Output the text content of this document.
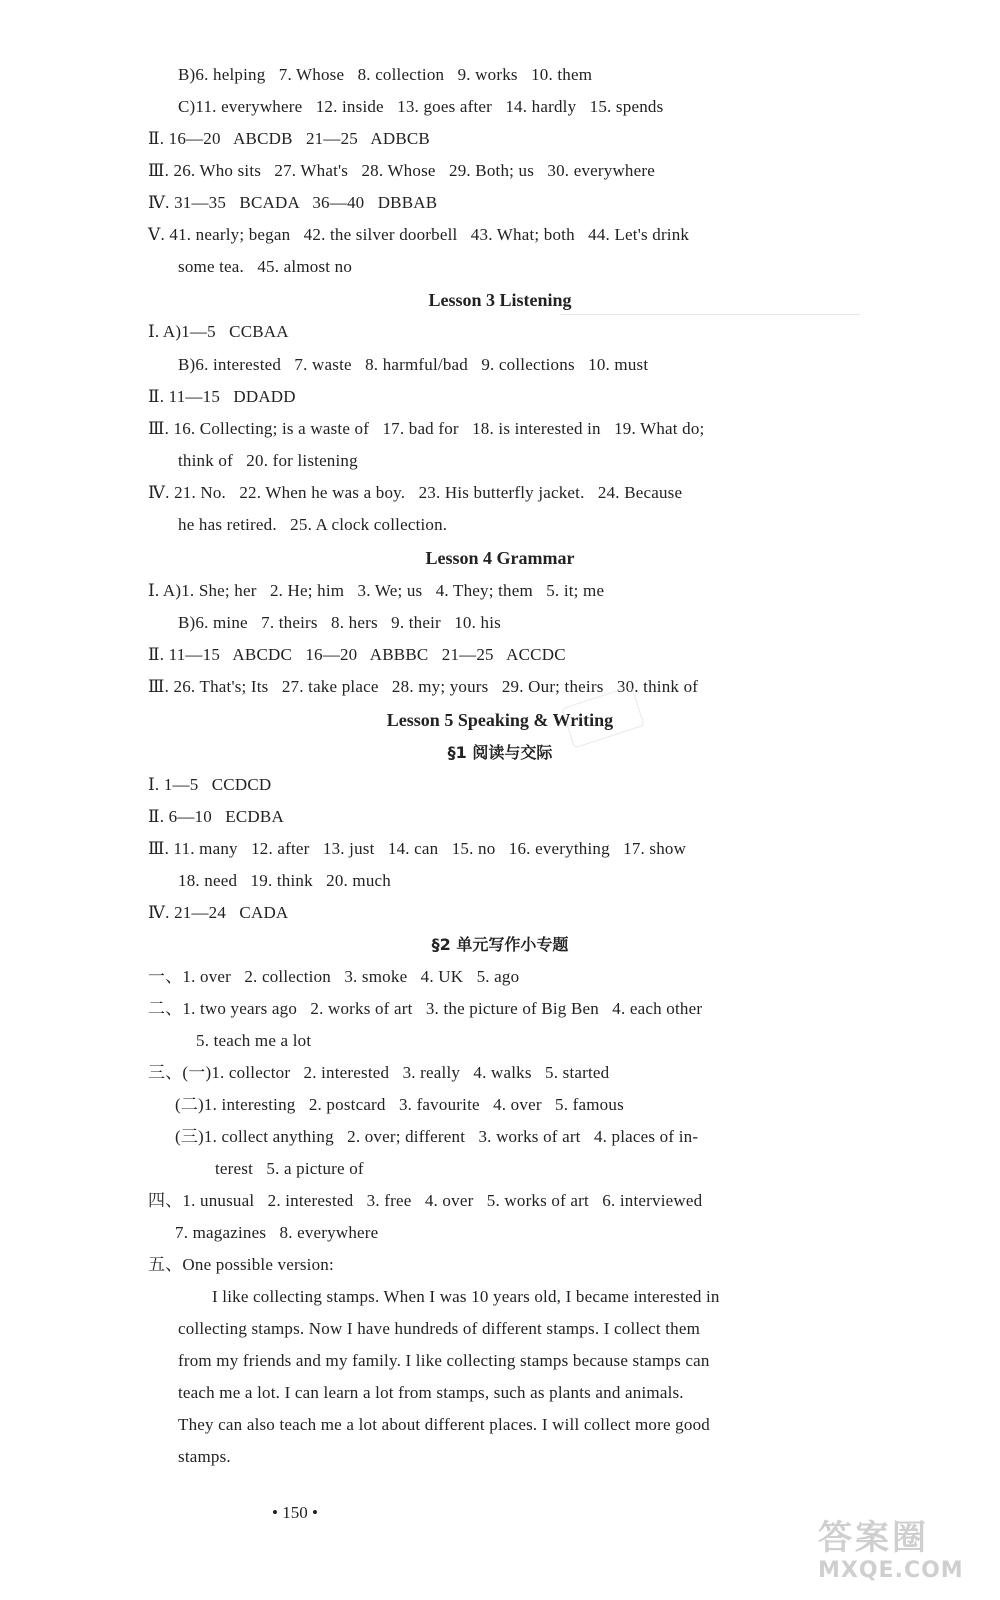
B)6. helping   7. Whose   8. collection   9. works   10. them
C)11. everywhere   12. inside   13. goes after   14. hardly   15. spends
Ⅱ. 16—20   ABCDB   21—25   ADBCB
Ⅲ. 26. Who sits   27. What's   28. Whose   29. Both; us   30. everywhere
Ⅳ. 31—35   BCADA   36—40   DBBAB
Ⅴ. 41. nearly; began   42. the silver doorbell   43. What; both   44. Let's drink
some tea.   45. almost no
Lesson 3 Listening
Ⅰ. A)1—5   CCBAA
B)6. interested   7. waste   8. harmful/bad   9. collections   10. must
Ⅱ. 11—15   DDADD
Ⅲ. 16. Collecting; is a waste of   17. bad for   18. is interested in   19. What do;
think of   20. for listening
Ⅳ. 21. No.   22. When he was a boy.   23. His butterfly jacket.   24. Because
he has retired.   25. A clock collection.
Lesson 4 Grammar
Ⅰ. A)1. She; her   2. He; him   3. We; us   4. They; them   5. it; me
B)6. mine   7. theirs   8. hers   9. their   10. his
Ⅱ. 11—15   ABCDC   16—20   ABBBC   21—25   ACCDC
Ⅲ. 26. That's; Its   27. take place   28. my; yours   29. Our; theirs   30. think of
Lesson 5 Speaking & Writing
§1 阅读与交际
Ⅰ. 1—5   CCDCD
Ⅱ. 6—10   ECDBA
Ⅲ. 11. many   12. after   13. just   14. can   15. no   16. everything   17. show
18. need   19. think   20. much
Ⅳ. 21—24   CADA
§2 单元写作小专题
一、1. over   2. collection   3. smoke   4. UK   5. ago
二、1. two years ago   2. works of art   3. the picture of Big Ben   4. each other
5. teach me a lot
三、(一)1. collector   2. interested   3. really   4. walks   5. started
(二)1. interesting   2. postcard   3. favourite   4. over   5. famous
(三)1. collect anything   2. over; different   3. works of art   4. places of in-
terest   5. a picture of
四、1. unusual   2. interested   3. free   4. over   5. works of art   6. interviewed
7. magazines   8. everywhere
五、One possible version:
I like collecting stamps. When I was 10 years old, I became interested in
collecting stamps. Now I have hundreds of different stamps. I collect them
from my friends and my family. I like collecting stamps because stamps can
teach me a lot. I can learn a lot from stamps, such as plants and animals.
They can also teach me a lot about different places. I will collect more good
stamps.
• 150 •
答案圈
MXQE.COM
